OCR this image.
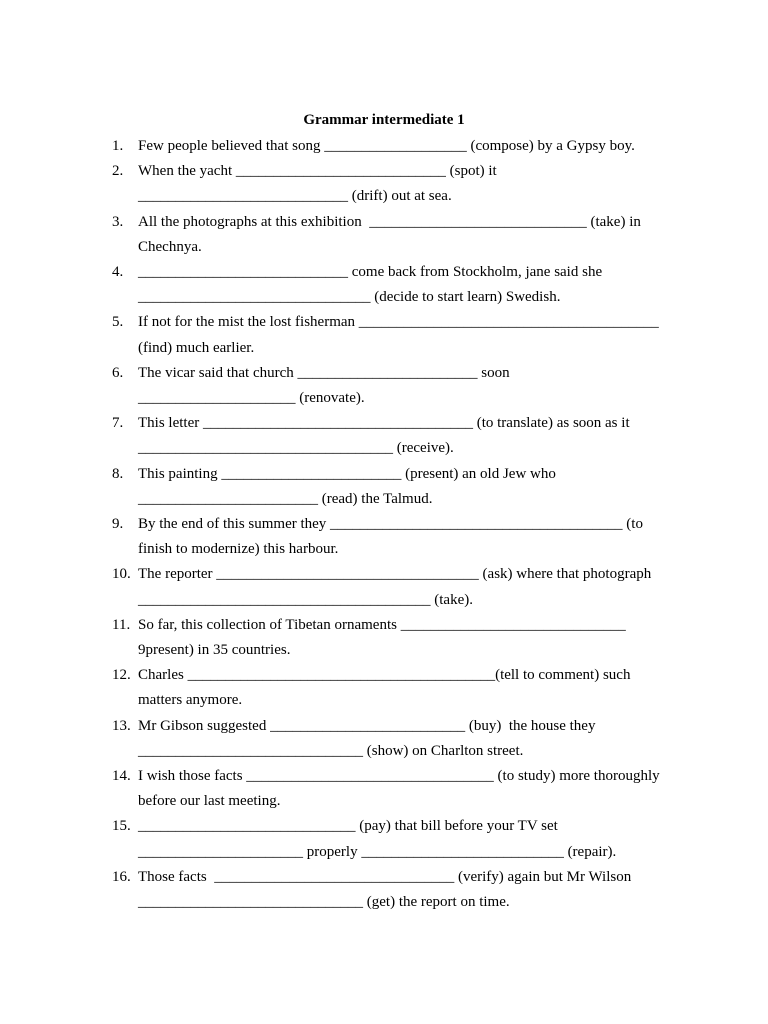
Grammar intermediate 1
1. Few people believed that song ___________________ (compose) by a Gypsy boy.
2. When the yacht ____________________________ (spot) it
____________________________ (drift) out at sea.
3. All the photographs at this exhibition  _____________________________ (take) in
Chechnya.
4. ____________________________ come back from Stockholm, jane said she
_______________________________ (decide to start learn) Swedish.
5. If not for the mist the lost fisherman ________________________________________
(find) much earlier.
6. The vicar said that church ________________________ soon
_____________________ (renovate).
7. This letter ____________________________________ (to translate) as soon as it
__________________________________ (receive).
8. This painting ________________________ (present) an old Jew who
________________________ (read) the Talmud.
9. By the end of this summer they _______________________________________ (to
finish to modernize) this harbour.
10. The reporter ___________________________________ (ask) where that photograph
_______________________________________ (take).
11. So far, this collection of Tibetan ornaments ______________________________
9present) in 35 countries.
12. Charles _________________________________________(tell to comment) such
matters anymore.
13. Mr Gibson suggested __________________________ (buy)  the house they
______________________________ (show) on Charlton street.
14. I wish those facts _________________________________ (to study) more thoroughly
before our last meeting.
15. _____________________________ (pay) that bill before your TV set
______________________ properly ___________________________ (repair).
16. Those facts  ________________________________ (verify) again but Mr Wilson
______________________________ (get) the report on time.
